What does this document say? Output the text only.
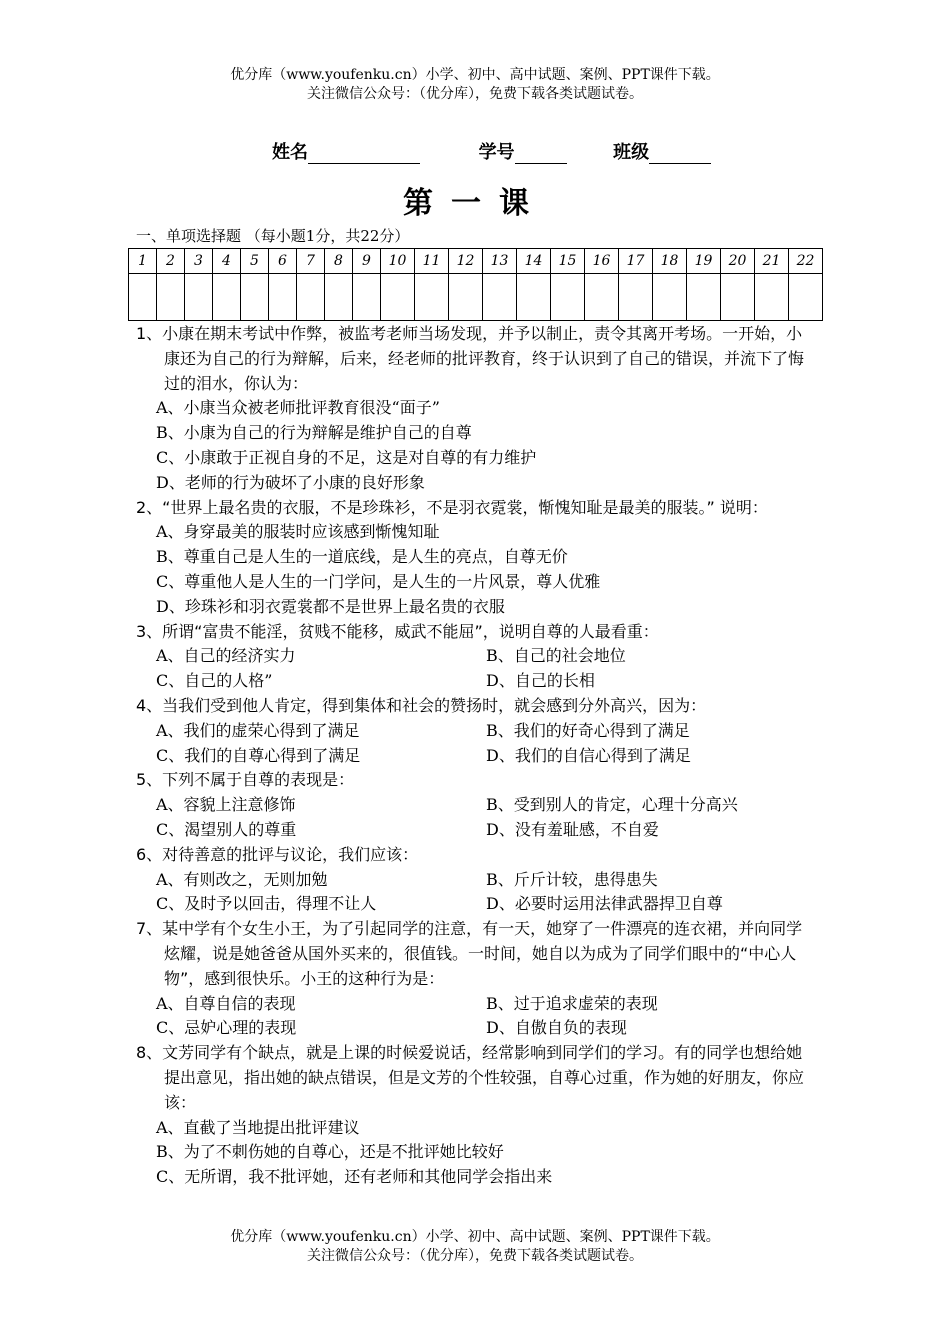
优分库（www.youfenku.cn）小学、初中、高中试题、案例、PPT课件下载。
关注微信公众号：（优分库），免费下载各类试题试卷。
姓名	学号	班级
第一课
一、单项选择题 （每小题1分，共22分）
1	2	3	4	5	6	7	8	9	10	11	12	13	14	15	16	17	18	19	20	21	22

1、小康在期末考试中作弊，被监考老师当场发现，并予以制止，责令其离开考场。一开始，小康还为自己的行为辩解，后来，经老师的批评教育，终于认识到了自己的错误，并流下了悔过的泪水，你认为：
A、小康当众被老师批评教育很没“面子”
B、小康为自己的行为辩解是维护自己的自尊
C、小康敢于正视自身的不足，这是对自尊的有力维护
D、老师的行为破坏了小康的良好形象
2、“世界上最名贵的衣服，不是珍珠衫，不是羽衣霓裳，惭愧知耻是最美的服装。” 说明：
A、身穿最美的服装时应该感到惭愧知耻
B、尊重自己是人生的一道底线，是人生的亮点，自尊无价
C、尊重他人是人生的一门学问，是人生的一片风景，尊人优雅
D、珍珠衫和羽衣霓裳都不是世界上最名贵的衣服
3、所谓“富贵不能淫，贫贱不能移，威武不能屈”，说明自尊的人最看重：
A、自己的经济实力	B、自己的社会地位
C、自己的人格”	D、自己的长相
4、当我们受到他人肯定，得到集体和社会的赞扬时，就会感到分外高兴，因为：
A、我们的虚荣心得到了满足	B、我们的好奇心得到了满足
C、我们的自尊心得到了满足	D、我们的自信心得到了满足
5、下列不属于自尊的表现是：
A、容貌上注意修饰	B、受到别人的肯定，心理十分高兴
C、渴望别人的尊重	D、没有羞耻感，不自爱
6、对待善意的批评与议论，我们应该：
A、有则改之，无则加勉	B、斤斤计较，患得患失
C、及时予以回击，得理不让人	D、必要时运用法律武器捍卫自尊
7、某中学有个女生小王，为了引起同学的注意，有一天，她穿了一件漂亮的连衣裙，并向同学炫耀，说是她爸爸从国外买来的，很值钱。一时间，她自以为成为了同学们眼中的“中心人物”，感到很快乐。小王的这种行为是：
A、自尊自信的表现	B、过于追求虚荣的表现
C、忌妒心理的表现	D、自傲自负的表现
8、文芳同学有个缺点，就是上课的时候爱说话，经常影响到同学们的学习。有的同学也想给她提出意见，指出她的缺点错误，但是文芳的个性较强，自尊心过重，作为她的好朋友，你应该：
A、直截了当地提出批评建议
B、为了不刺伤她的自尊心，还是不批评她比较好
C、无所谓，我不批评她，还有老师和其他同学会指出来
优分库（www.youfenku.cn）小学、初中、高中试题、案例、PPT课件下载。
关注微信公众号：（优分库），免费下载各类试题试卷。
